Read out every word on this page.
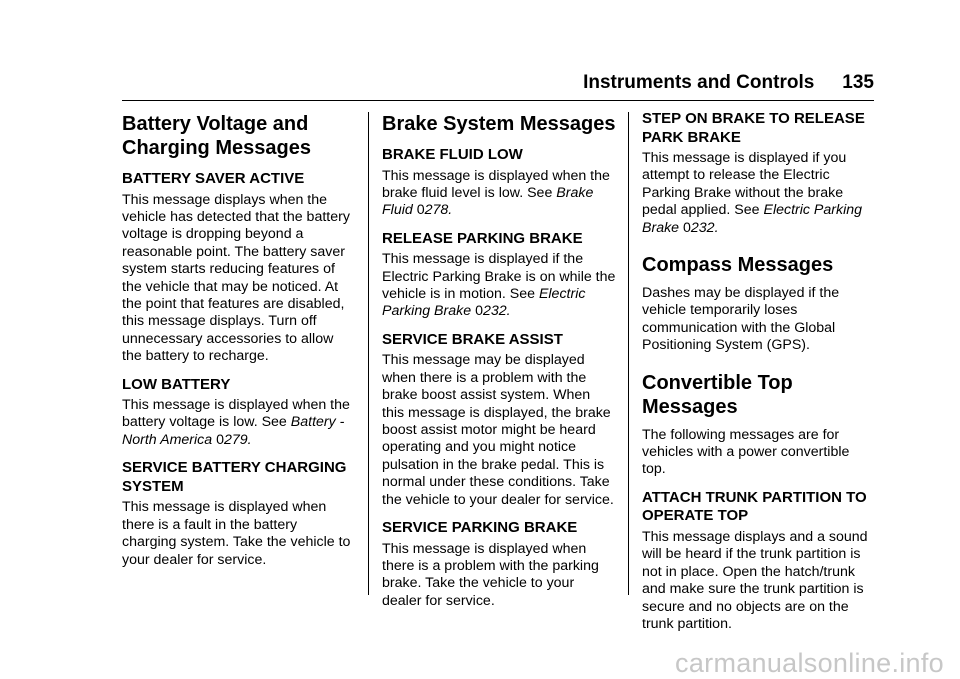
Instruments and Controls 135
Battery Voltage and Charging Messages
BATTERY SAVER ACTIVE

This message displays when the vehicle has detected that the battery voltage is dropping beyond a reasonable point. The battery saver system starts reducing features of the vehicle that may be noticed. At the point that features are disabled, this message displays. Turn off unnecessary accessories to allow the battery to recharge.

LOW BATTERY

This message is displayed when the battery voltage is low. See Battery - North America 0279.

SERVICE BATTERY CHARGING SYSTEM

This message is displayed when there is a fault in the battery charging system. Take the vehicle to your dealer for service.

Brake System Messages
BRAKE FLUID LOW

This message is displayed when the brake fluid level is low. See Brake Fluid 0278.

RELEASE PARKING BRAKE

This message is displayed if the Electric Parking Brake is on while the vehicle is in motion. See Electric Parking Brake 0232.

SERVICE BRAKE ASSIST

This message may be displayed when there is a problem with the brake boost assist system. When this message is displayed, the brake boost assist motor might be heard operating and you might notice pulsation in the brake pedal. This is normal under these conditions. Take the vehicle to your dealer for service.

SERVICE PARKING BRAKE

This message is displayed when there is a problem with the parking brake. Take the vehicle to your dealer for service.

STEP ON BRAKE TO RELEASE PARK BRAKE

This message is displayed if you attempt to release the Electric Parking Brake without the brake pedal applied. See Electric Parking Brake 0232.

Compass Messages

Dashes may be displayed if the vehicle temporarily loses communication with the Global Positioning System (GPS).

Convertible Top Messages

The following messages are for vehicles with a power convertible top.

ATTACH TRUNK PARTITION TO OPERATE TOP

This message displays and a sound will be heard if the trunk partition is not in place. Open the hatch/trunk and make sure the trunk partition is secure and no objects are on the trunk partition.

carmanualsonline.info
